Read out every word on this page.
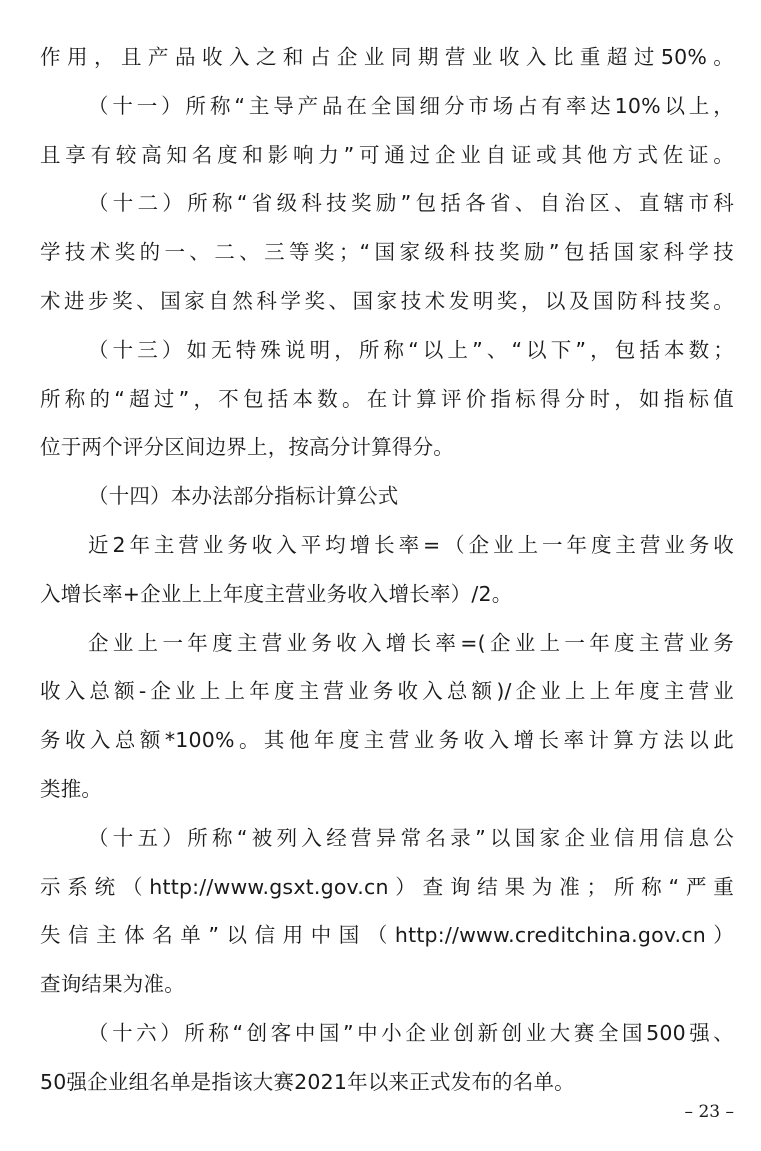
作用，且产品收入之和占企业同期营业收入比重超过50%。
（十一）所称“主导产品在全国细分市场占有率达10%以上，
且享有较高知名度和影响力”可通过企业自证或其他方式佐证。
（十二）所称“省级科技奖励”包括各省、自治区、直辖市科
学技术奖的一、二、三等奖；“国家级科技奖励”包括国家科学技
术进步奖、国家自然科学奖、国家技术发明奖，以及国防科技奖。
（十三）如无特殊说明，所称“以上”、“以下”，包括本数；
所称的“超过”，不包括本数。在计算评价指标得分时，如指标值
位于两个评分区间边界上，按高分计算得分。
（十四）本办法部分指标计算公式
近2年主营业务收入平均增长率=（企业上一年度主营业务收
入增长率+企业上上年度主营业务收入增长率）/2。
企业上一年度主营业务收入增长率=(企业上一年度主营业务
收入总额-企业上上年度主营业务收入总额)/企业上上年度主营业
务收入总额*100%。其他年度主营业务收入增长率计算方法以此
类推。
（十五）所称“被列入经营异常名录”以国家企业信用信息公
示系统（http://www.gsxt.gov.cn）查询结果为准；所称“严重
失信主体名单”以信用中国（http://www.creditchina.gov.cn）
查询结果为准。
（十六）所称“创客中国”中小企业创新创业大赛全国500强、
50强企业组名单是指该大赛2021年以来正式发布的名单。
– 23 –
